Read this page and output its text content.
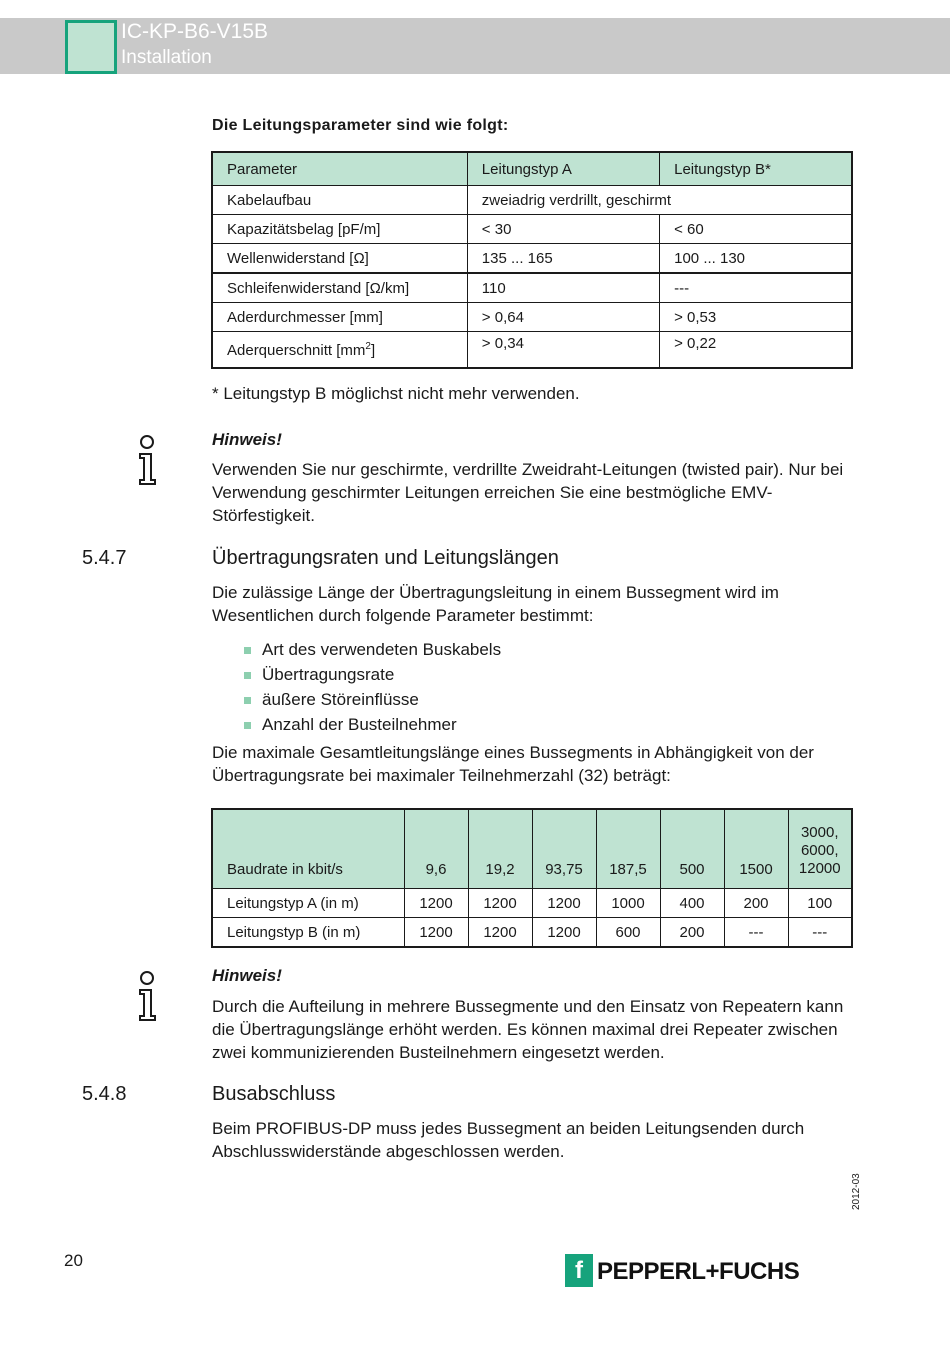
IC-KP-B6-V15B
Installation
Die Leitungsparameter sind wie folgt:
Parameter	Leitungstyp A	Leitungstyp B*
Kabelaufbau	zweiadrig verdrillt, geschirmt	
Kapazitätsbelag [pF/m]	< 30	< 60
Wellenwiderstand [Ω]	135 ... 165	100 ... 130
Schleifenwiderstand [Ω/km]	110	---
Aderdurchmesser [mm]	> 0,64	> 0,53
Aderquerschnitt $[mm^2]$	> 0,34	> 0,22
* Leitungstyp B möglichst nicht mehr verwenden.
Hinweis!
Verwenden Sie nur geschirmte, verdrillte Zweidraht-Leitungen (twisted pair). Nur bei Verwendung geschirmter Leitungen erreichen Sie eine bestmögliche EMV-Störfestigkeit.
5.4.7	Übertragungsraten und Leitungslängen
Die zulässige Länge der Übertragungsleitung in einem Bussegment wird im Wesentlichen durch folgende Parameter bestimmt:
Art des verwendeten Buskabels
Übertragungsrate
äußere Störeinflüsse
Anzahl der Busteilnehmer
Die maximale Gesamtleitungslänge eines Bussegments in Abhängigkeit von der Übertragungsrate bei maximaler Teilnehmerzahl (32) beträgt:
Baudrate in kbit/s	9,6	19,2	93,75	187,5	500	1500	3000,
6000,
12000

Leitungstyp A (in m)	1200	1200	1200	1000	400	200	100
Leitungstyp B (in m)	1200	1200	1200	600	200	---	---
Hinweis!
Durch die Aufteilung in mehrere Bussegmente und den Einsatz von Repeatern kann die Übertragungslänge erhöht werden. Es können maximal drei Repeater zwischen zwei kommunizierenden Busteilnehmern eingesetzt werden.
5.4.8	Busabschluss
Beim PROFIBUS-DP muss jedes Bussegment an beiden Leitungsenden durch Abschlusswiderstände abgeschlossen werden.
2012-03
20	f PEPPERL+FUCHS
